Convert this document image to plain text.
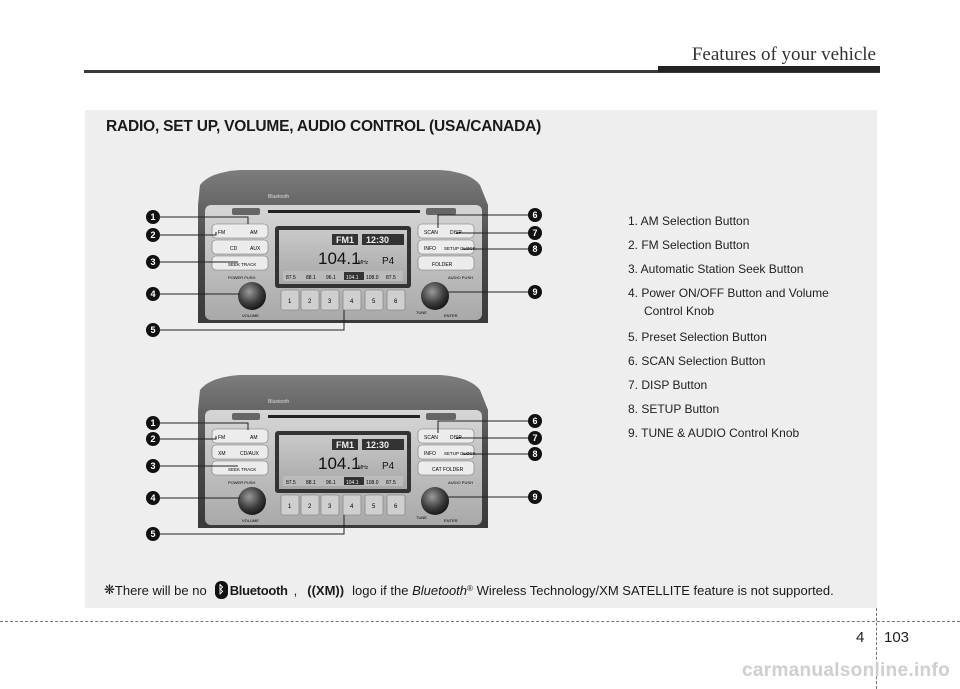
Features of your vehicle
RADIO, SET UP, VOLUME, AUDIO CONTROL (USA/CANADA)
1. AM Selection Button
2. FM Selection Button
3. Automatic Station Seek Button
4. Power ON/OFF Button and Volume
Control Knob
5. Preset Selection Button
6. SCAN Selection Button
7. DISP Button
8. SETUP Button
9. TUNE & AUDIO Control Knob
Bluetooth
FM	AM
CD	AUX
SEEK TRACK
FM1 12:30
104.1
MHz P4
87.5 88.1 96.1 104.1 108.0 87.5
SCAN DISP
INFO SETUP CLOCK
FOLDER
1	2	3	4	5	6
POWER PUSH
VOLUME
AUDIO PUSH
ENTER
TUNE
Bluetooth
FM	AM
XM	CD/AUX
SEEK TRACK
FM1 12:30
104.1
MHz P4
87.5 88.1 96.1 104.1 108.0 87.5
SCAN DISP
INFO SETUP CLOCK
CAT FOLDER
1	2	3	4	5	6
POWER PUSH
VOLUME
AUDIO PUSH
ENTER
TUNE
1
2
3
4
5
6
7
8
9
1
2
3
4
5
6
7
8
9
❋ There will be no ᛒ Bluetooth , ((XM)) logo if the
Bluetooth®
Wireless Technology/XM SATELLITE feature is not supported.
4 103
carmanualsonline.info
